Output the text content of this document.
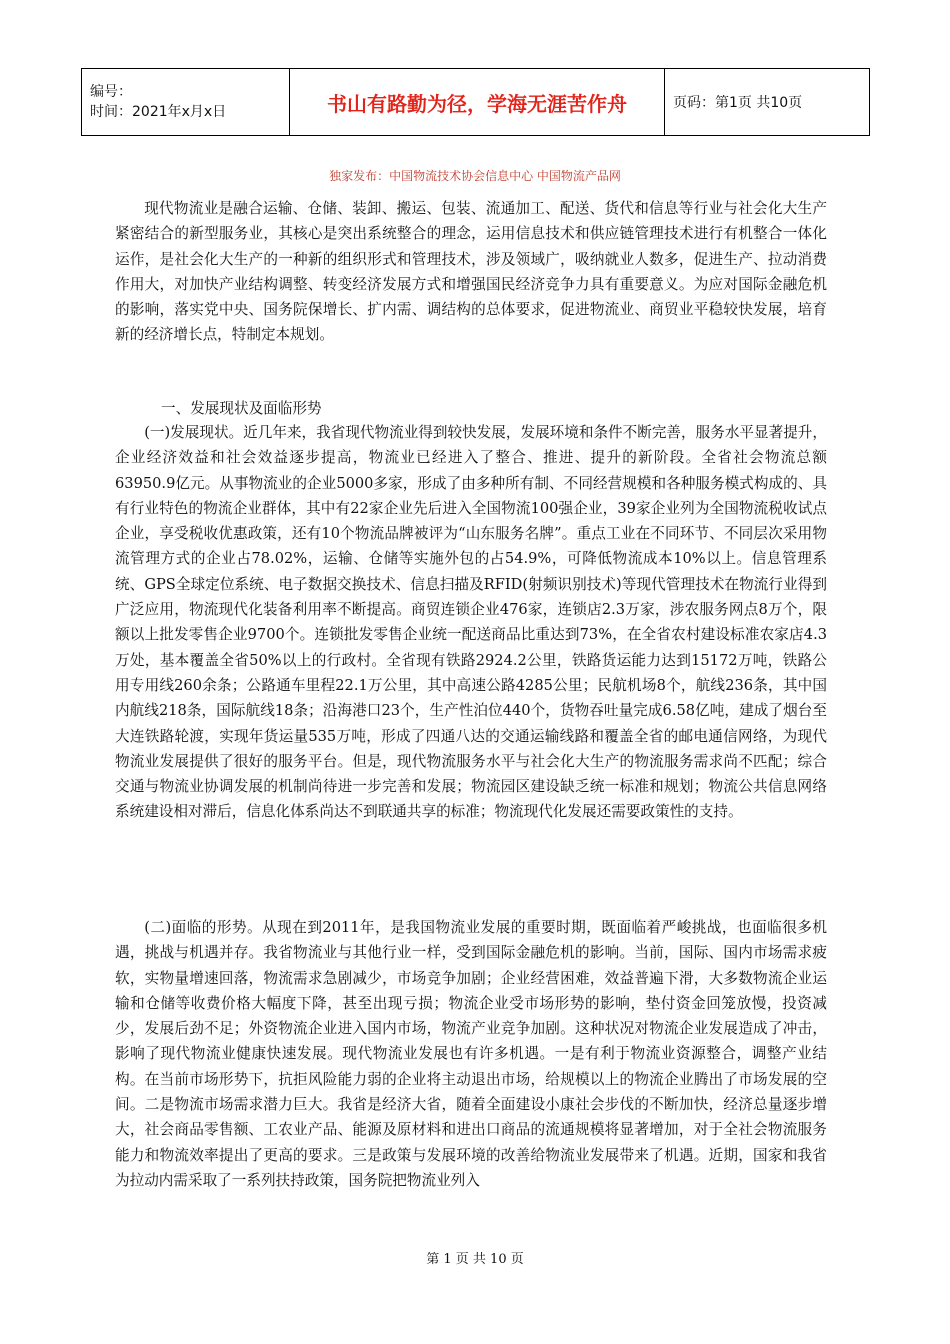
编号：
时间：2021年x月x日	书山有路勤为径，学海无涯苦作舟	页码：第1页 共10页
独家发布：中国物流技术协会信息中心 中国物流产品网

现代物流业是融合运输、仓储、装卸、搬运、包装、流通加工、配送、货代和信息等行业与社会化大生产紧密结合的新型服务业，其核心是突出系统整合的理念，运用信息技术和供应链管理技术进行有机整合一体化运作，是社会化大生产的一种新的组织形式和管理技术，涉及领域广，吸纳就业人数多，促进生产、拉动消费作用大，对加快产业结构调整、转变经济发展方式和增强国民经济竞争力具有重要意义。为应对国际金融危机的影响，落实党中央、国务院保增长、扩内需、调结构的总体要求，促进物流业、商贸业平稳较快发展，培育新的经济增长点，特制定本规划。

一、发展现状及面临形势

(一)发展现状。近几年来，我省现代物流业得到较快发展，发展环境和条件不断完善，服务水平显著提升，企业经济效益和社会效益逐步提高，物流业已经进入了整合、推进、提升的新阶段。全省社会物流总额63950.9亿元。从事物流业的企业5000多家，形成了由多种所有制、不同经营规模和各种服务模式构成的、具有行业特色的物流企业群体，其中有22家企业先后进入全国物流100强企业，39家企业列为全国物流税收试点企业，享受税收优惠政策，还有10个物流品牌被评为“山东服务名牌”。重点工业在不同环节、不同层次采用物流管理方式的企业占78.02%，运输、仓储等实施外包的占54.9%，可降低物流成本10%以上。信息管理系统、GPS全球定位系统、电子数据交换技术、信息扫描及RFID(射频识别技术)等现代管理技术在物流行业得到广泛应用，物流现代化装备利用率不断提高。商贸连锁企业476家，连锁店2.3万家，涉农服务网点8万个，限额以上批发零售企业9700个。连锁批发零售企业统一配送商品比重达到73%，在全省农村建设标准农家店4.3万处，基本覆盖全省50%以上的行政村。全省现有铁路2924.2公里，铁路货运能力达到15172万吨，铁路公用专用线260余条；公路通车里程22.1万公里，其中高速公路4285公里；民航机场8个，航线236条，其中国内航线218条，国际航线18条；沿海港口23个，生产性泊位440个，货物吞吐量完成6.58亿吨，建成了烟台至大连铁路轮渡，实现年货运量535万吨，形成了四通八达的交通运输线路和覆盖全省的邮电通信网络，为现代物流业发展提供了很好的服务平台。但是，现代物流服务水平与社会化大生产的物流服务需求尚不匹配；综合交通与物流业协调发展的机制尚待进一步完善和发展；物流园区建设缺乏统一标准和规划；物流公共信息网络系统建设相对滞后，信息化体系尚达不到联通共享的标准；物流现代化发展还需要政策性的支持。

(二)面临的形势。从现在到2011年，是我国物流业发展的重要时期，既面临着严峻挑战，也面临很多机遇，挑战与机遇并存。我省物流业与其他行业一样，受到国际金融危机的影响。当前，国际、国内市场需求疲软，实物量增速回落，物流需求急剧减少，市场竞争加剧；企业经营困难，效益普遍下滑，大多数物流企业运输和仓储等收费价格大幅度下降，甚至出现亏损；物流企业受市场形势的影响，垫付资金回笼放慢，投资减少，发展后劲不足；外资物流企业进入国内市场，物流产业竞争加剧。这种状况对物流企业发展造成了冲击，影响了现代物流业健康快速发展。现代物流业发展也有许多机遇。一是有利于物流业资源整合，调整产业结构。在当前市场形势下，抗拒风险能力弱的企业将主动退出市场，给规模以上的物流企业腾出了市场发展的空间。二是物流市场需求潜力巨大。我省是经济大省，随着全面建设小康社会步伐的不断加快，经济总量逐步增大，社会商品零售额、工农业产品、能源及原材料和进出口商品的流通规模将显著增加，对于全社会物流服务能力和物流效率提出了更高的要求。三是政策与发展环境的改善给物流业发展带来了机遇。近期，国家和我省为拉动内需采取了一系列扶持政策，国务院把物流业列入

第 1 页 共 10 页
